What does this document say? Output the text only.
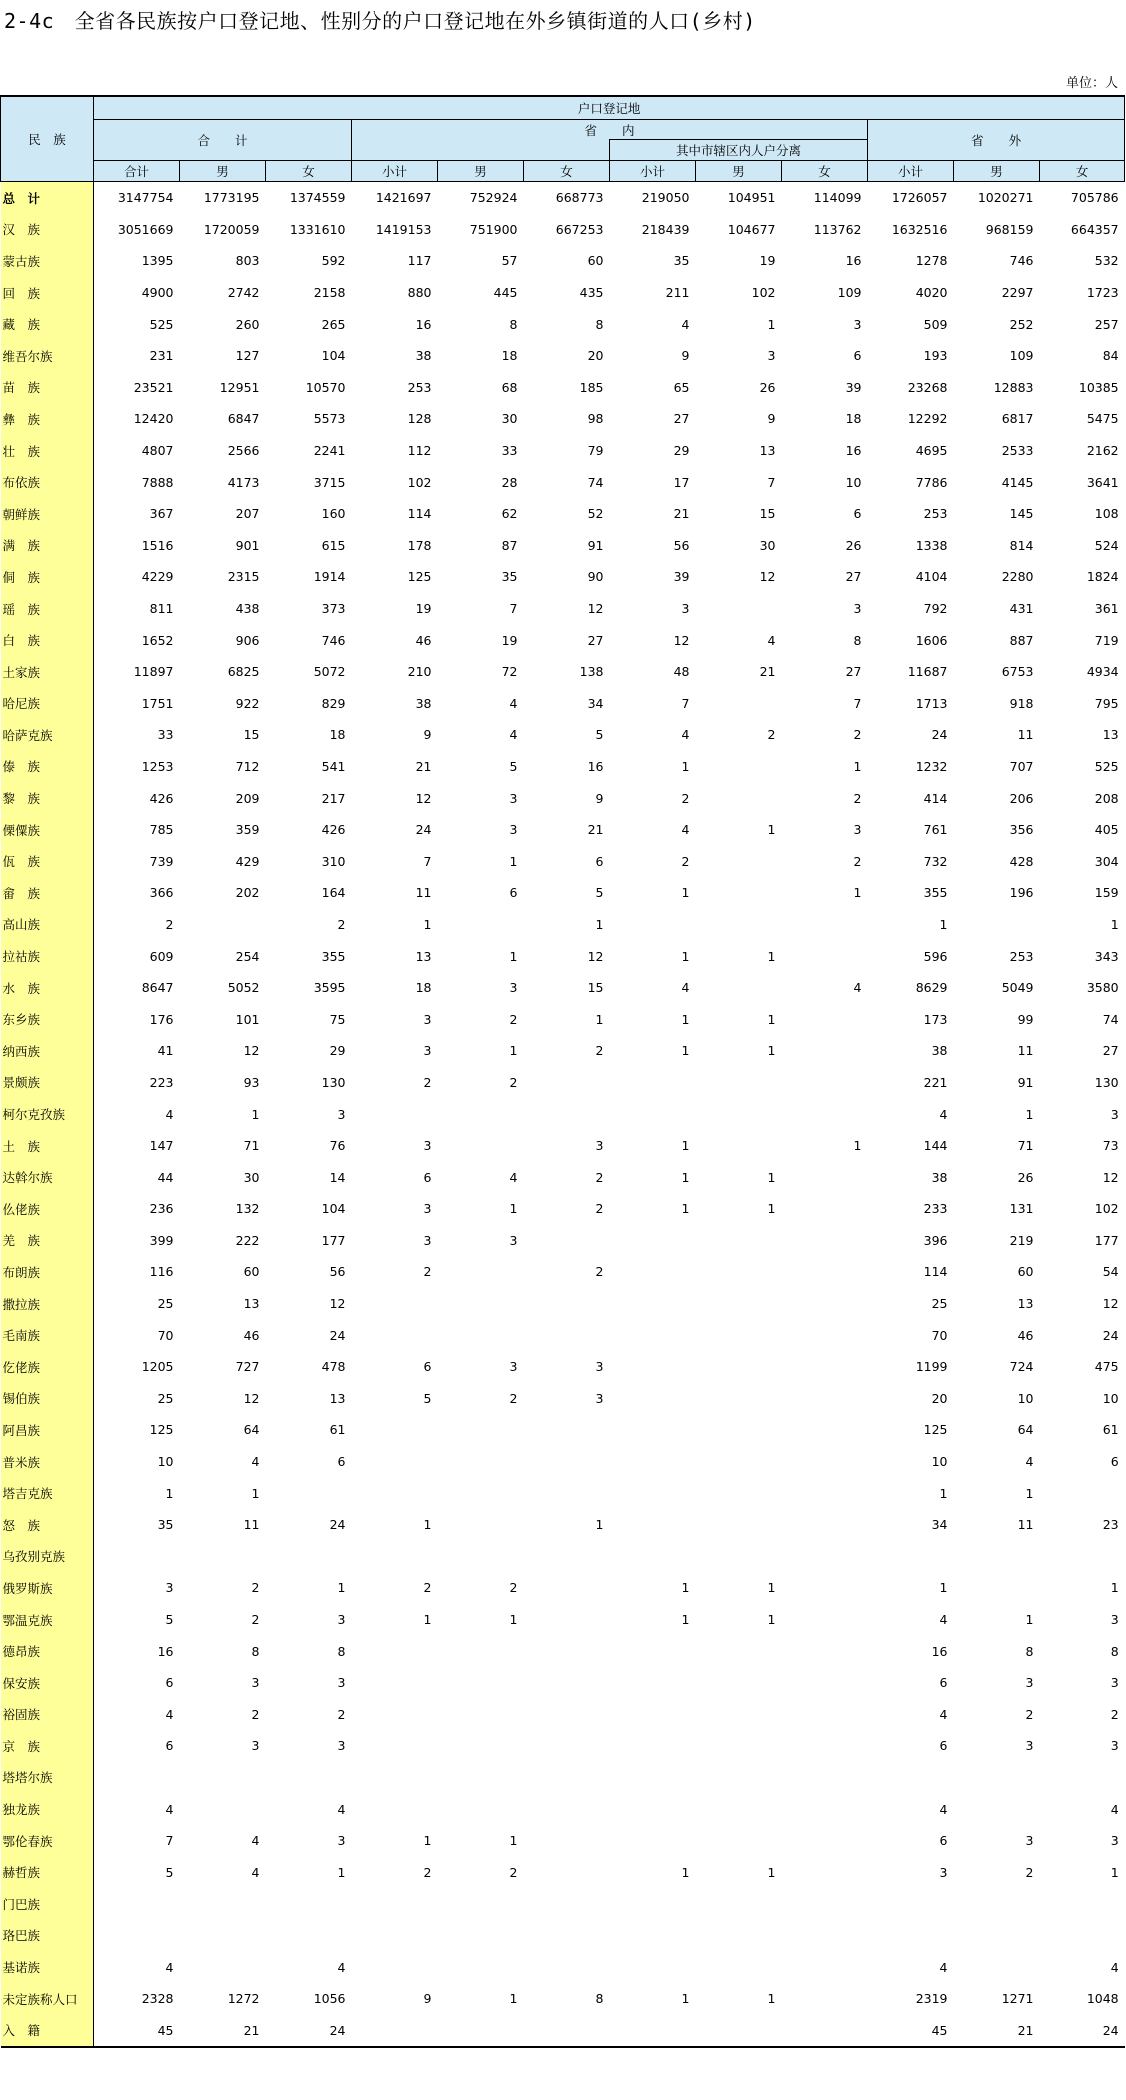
2-4c　全省各民族按户口登记地、性别分的户口登记地在外乡镇街道的人口(乡村)
单位：人
民　族	户口登记地											
	合　　计			省　　内						省　　外		
							其中市辖区内人户分离					
	合计	男	女	小计	男	女	小计	男	女	小计	男	女
总　计	3147754	1773195	1374559	1421697	752924	668773	219050	104951	114099	1726057	1020271	705786
汉　族	3051669	1720059	1331610	1419153	751900	667253	218439	104677	113762	1632516	968159	664357
蒙古族	1395	803	592	117	57	60	35	19	16	1278	746	532
回　族	4900	2742	2158	880	445	435	211	102	109	4020	2297	1723
藏　族	525	260	265	16	8	8	4	1	3	509	252	257
维吾尔族	231	127	104	38	18	20	9	3	6	193	109	84
苗　族	23521	12951	10570	253	68	185	65	26	39	23268	12883	10385
彝　族	12420	6847	5573	128	30	98	27	9	18	12292	6817	5475
壮　族	4807	2566	2241	112	33	79	29	13	16	4695	2533	2162
布依族	7888	4173	3715	102	28	74	17	7	10	7786	4145	3641
朝鲜族	367	207	160	114	62	52	21	15	6	253	145	108
满　族	1516	901	615	178	87	91	56	30	26	1338	814	524
侗　族	4229	2315	1914	125	35	90	39	12	27	4104	2280	1824
瑶　族	811	438	373	19	7	12	3		3	792	431	361
白　族	1652	906	746	46	19	27	12	4	8	1606	887	719
土家族	11897	6825	5072	210	72	138	48	21	27	11687	6753	4934
哈尼族	1751	922	829	38	4	34	7		7	1713	918	795
哈萨克族	33	15	18	9	4	5	4	2	2	24	11	13
傣　族	1253	712	541	21	5	16	1		1	1232	707	525
黎　族	426	209	217	12	3	9	2		2	414	206	208
傈僳族	785	359	426	24	3	21	4	1	3	761	356	405
佤　族	739	429	310	7	1	6	2		2	732	428	304
畲　族	366	202	164	11	6	5	1		1	355	196	159
高山族	2		2	1		1				1		1
拉祜族	609	254	355	13	1	12	1	1		596	253	343
水　族	8647	5052	3595	18	3	15	4		4	8629	5049	3580
东乡族	176	101	75	3	2	1	1	1		173	99	74
纳西族	41	12	29	3	1	2	1	1		38	11	27
景颇族	223	93	130	2	2					221	91	130
柯尔克孜族	4	1	3							4	1	3
土　族	147	71	76	3		3	1		1	144	71	73
达斡尔族	44	30	14	6	4	2	1	1		38	26	12
仫佬族	236	132	104	3	1	2	1	1		233	131	102
羌　族	399	222	177	3	3					396	219	177
布朗族	116	60	56	2		2				114	60	54
撒拉族	25	13	12							25	13	12
毛南族	70	46	24							70	46	24
仡佬族	1205	727	478	6	3	3				1199	724	475
锡伯族	25	12	13	5	2	3				20	10	10
阿昌族	125	64	61							125	64	61
普米族	10	4	6							10	4	6
塔吉克族	1	1								1	1	
怒　族	35	11	24	1		1				34	11	23
乌孜别克族												
俄罗斯族	3	2	1	2	2		1	1		1		1
鄂温克族	5	2	3	1	1		1	1		4	1	3
德昂族	16	8	8							16	8	8
保安族	6	3	3							6	3	3
裕固族	4	2	2							4	2	2
京　族	6	3	3							6	3	3
塔塔尔族												
独龙族	4		4							4		4
鄂伦春族	7	4	3	1	1					6	3	3
赫哲族	5	4	1	2	2		1	1		3	2	1
门巴族												
珞巴族												
基诺族	4		4							4		4
未定族称人口	2328	1272	1056	9	1	8	1	1		2319	1271	1048
入　籍	45	21	24							45	21	24
